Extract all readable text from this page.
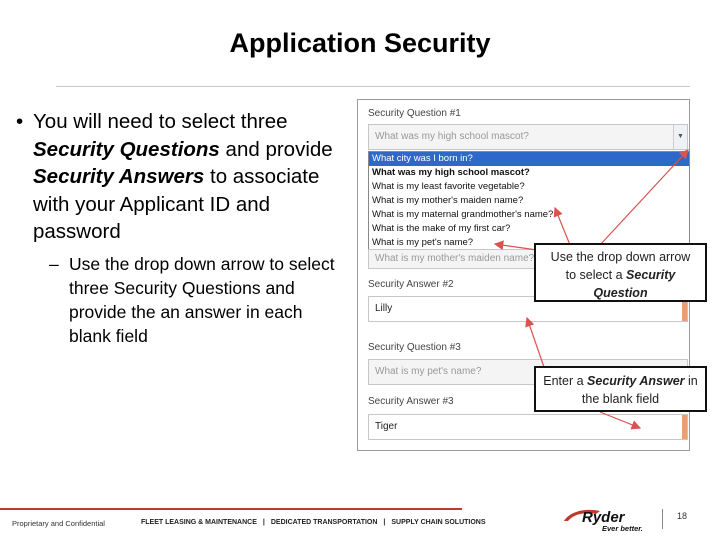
Application Security
• You will need to select three Security Questions and provide Security Answers to associate with your Applicant ID and password
– Use the drop down arrow to select three Security Questions and provide the an answer in each blank field
Security Question #1
What was my high school mascot?	▼
What city was I born in?
What was my high school mascot?
What is my least favorite vegetable?
What is my mother's maiden name?
What is my maternal grandmother's name?
What is the make of my first car?
What is my pet's name?
What is my mother's maiden name?
Security Answer #2
Lilly
Security Question #3
What is my pet's name?
Security Answer #3
Tiger
Use the drop down arrow
to select a Security
Question
Enter a Security Answer in
the blank field
Proprietary and Confidential	FLEET LEASING & MAINTENANCE | DEDICATED TRANSPORTATION | SUPPLY CHAIN SOLUTIONS	Ryder
Ever better.
18
